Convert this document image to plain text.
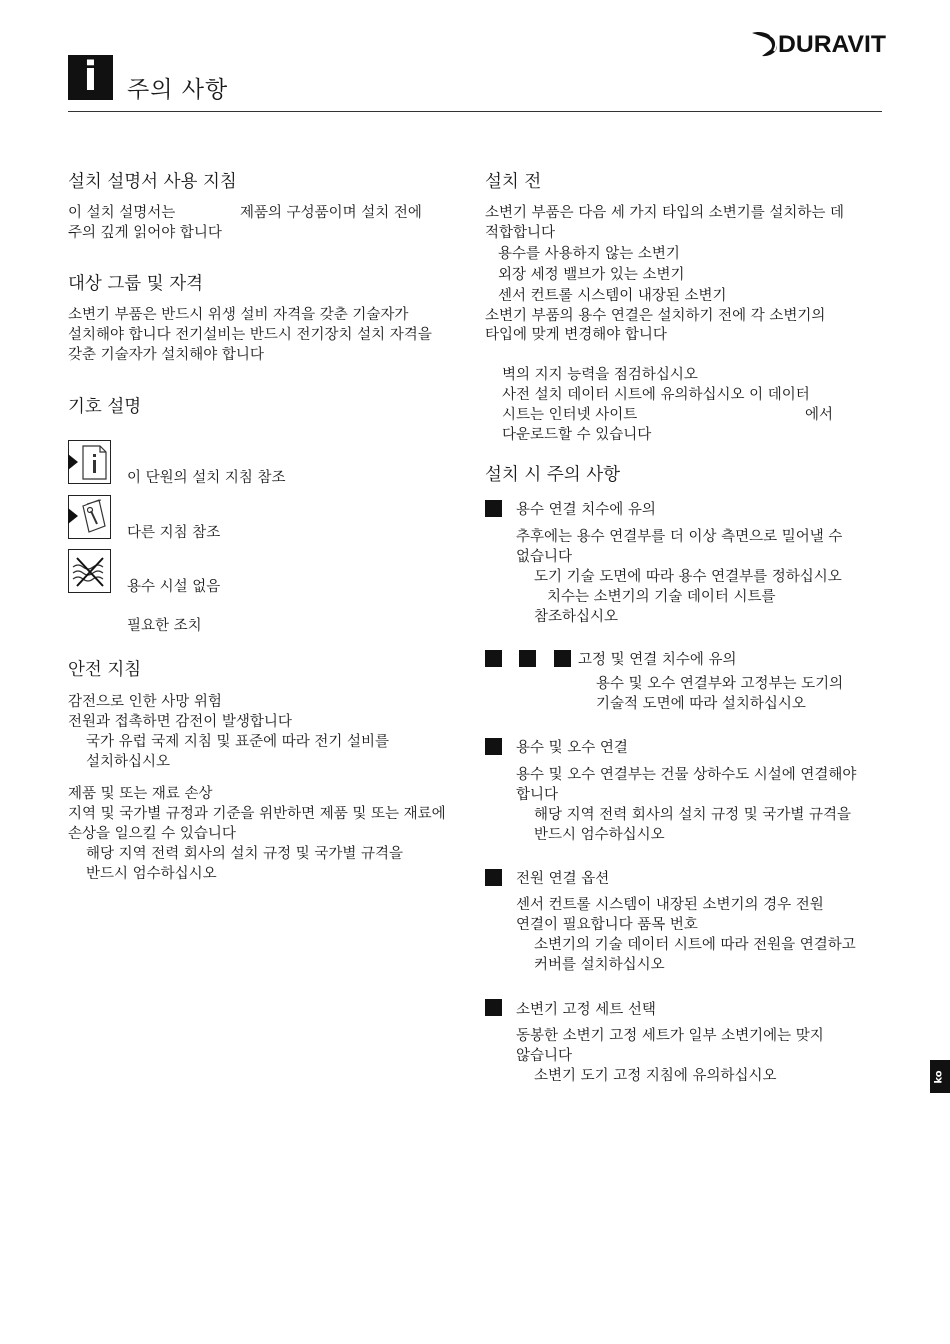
i	주의 사항
DURAVIT
설치 설명서 사용 지침
이 설치 설명서는	제품의 구성품이며 설치 전에
주의 깊게 읽어야 합니다
대상 그룹 및 자격
소변기 부품은 반드시 위생 설비 자격을 갖춘 기술자가
설치해야 합니다 전기설비는 반드시 전기장치 설치 자격을
갖춘 기술자가 설치해야 합니다
기호 설명
이 단원의 설치 지침 참조
다른 지침 참조
용수 시설 없음
필요한 조치
안전 지침
감전으로 인한 사망 위험
전원과 접촉하면 감전이 발생합니다
국가 유럽 국제 지침 및 표준에 따라 전기 설비를
설치하십시오
제품 및 또는 재료 손상
지역 및 국가별 규정과 기준을 위반하면 제품 및 또는 재료에
손상을 일으킬 수 있습니다
해당 지역 전력 회사의 설치 규정 및 국가별 규격을
반드시 엄수하십시오
설치 전
소변기 부품은 다음 세 가지 타입의 소변기를 설치하는 데
적합합니다
용수를 사용하지 않는 소변기
외장 세정 밸브가 있는 소변기
센서 컨트롤 시스템이 내장된 소변기
소변기 부품의 용수 연결은 설치하기 전에 각 소변기의
타입에 맞게 변경해야 합니다
벽의 지지 능력을 점검하십시오
사전 설치 데이터 시트에 유의하십시오 이 데이터
시트는 인터넷 사이트	에서
다운로드할 수 있습니다
설치 시 주의 사항
용수 연결 치수에 유의
추후에는 용수 연결부를 더 이상 측면으로 밀어낼 수
없습니다
도기 기술 도면에 따라 용수 연결부를 정하십시오
치수는 소변기의 기술 데이터 시트를
참조하십시오
고정 및 연결 치수에 유의
용수 및 오수 연결부와 고정부는 도기의
기술적 도면에 따라 설치하십시오
용수 및 오수 연결
용수 및 오수 연결부는 건물 상하수도 시설에 연결해야
합니다
해당 지역 전력 회사의 설치 규정 및 국가별 규격을
반드시 엄수하십시오
전원 연결 옵션
센서 컨트롤 시스템이 내장된 소변기의 경우 전원
연결이 필요합니다 품목 번호
소변기의 기술 데이터 시트에 따라 전원을 연결하고
커버를 설치하십시오
소변기 고정 세트 선택
동봉한 소변기 고정 세트가 일부 소변기에는 맞지
않습니다
소변기 도기 고정 지침에 유의하십시오	ko
